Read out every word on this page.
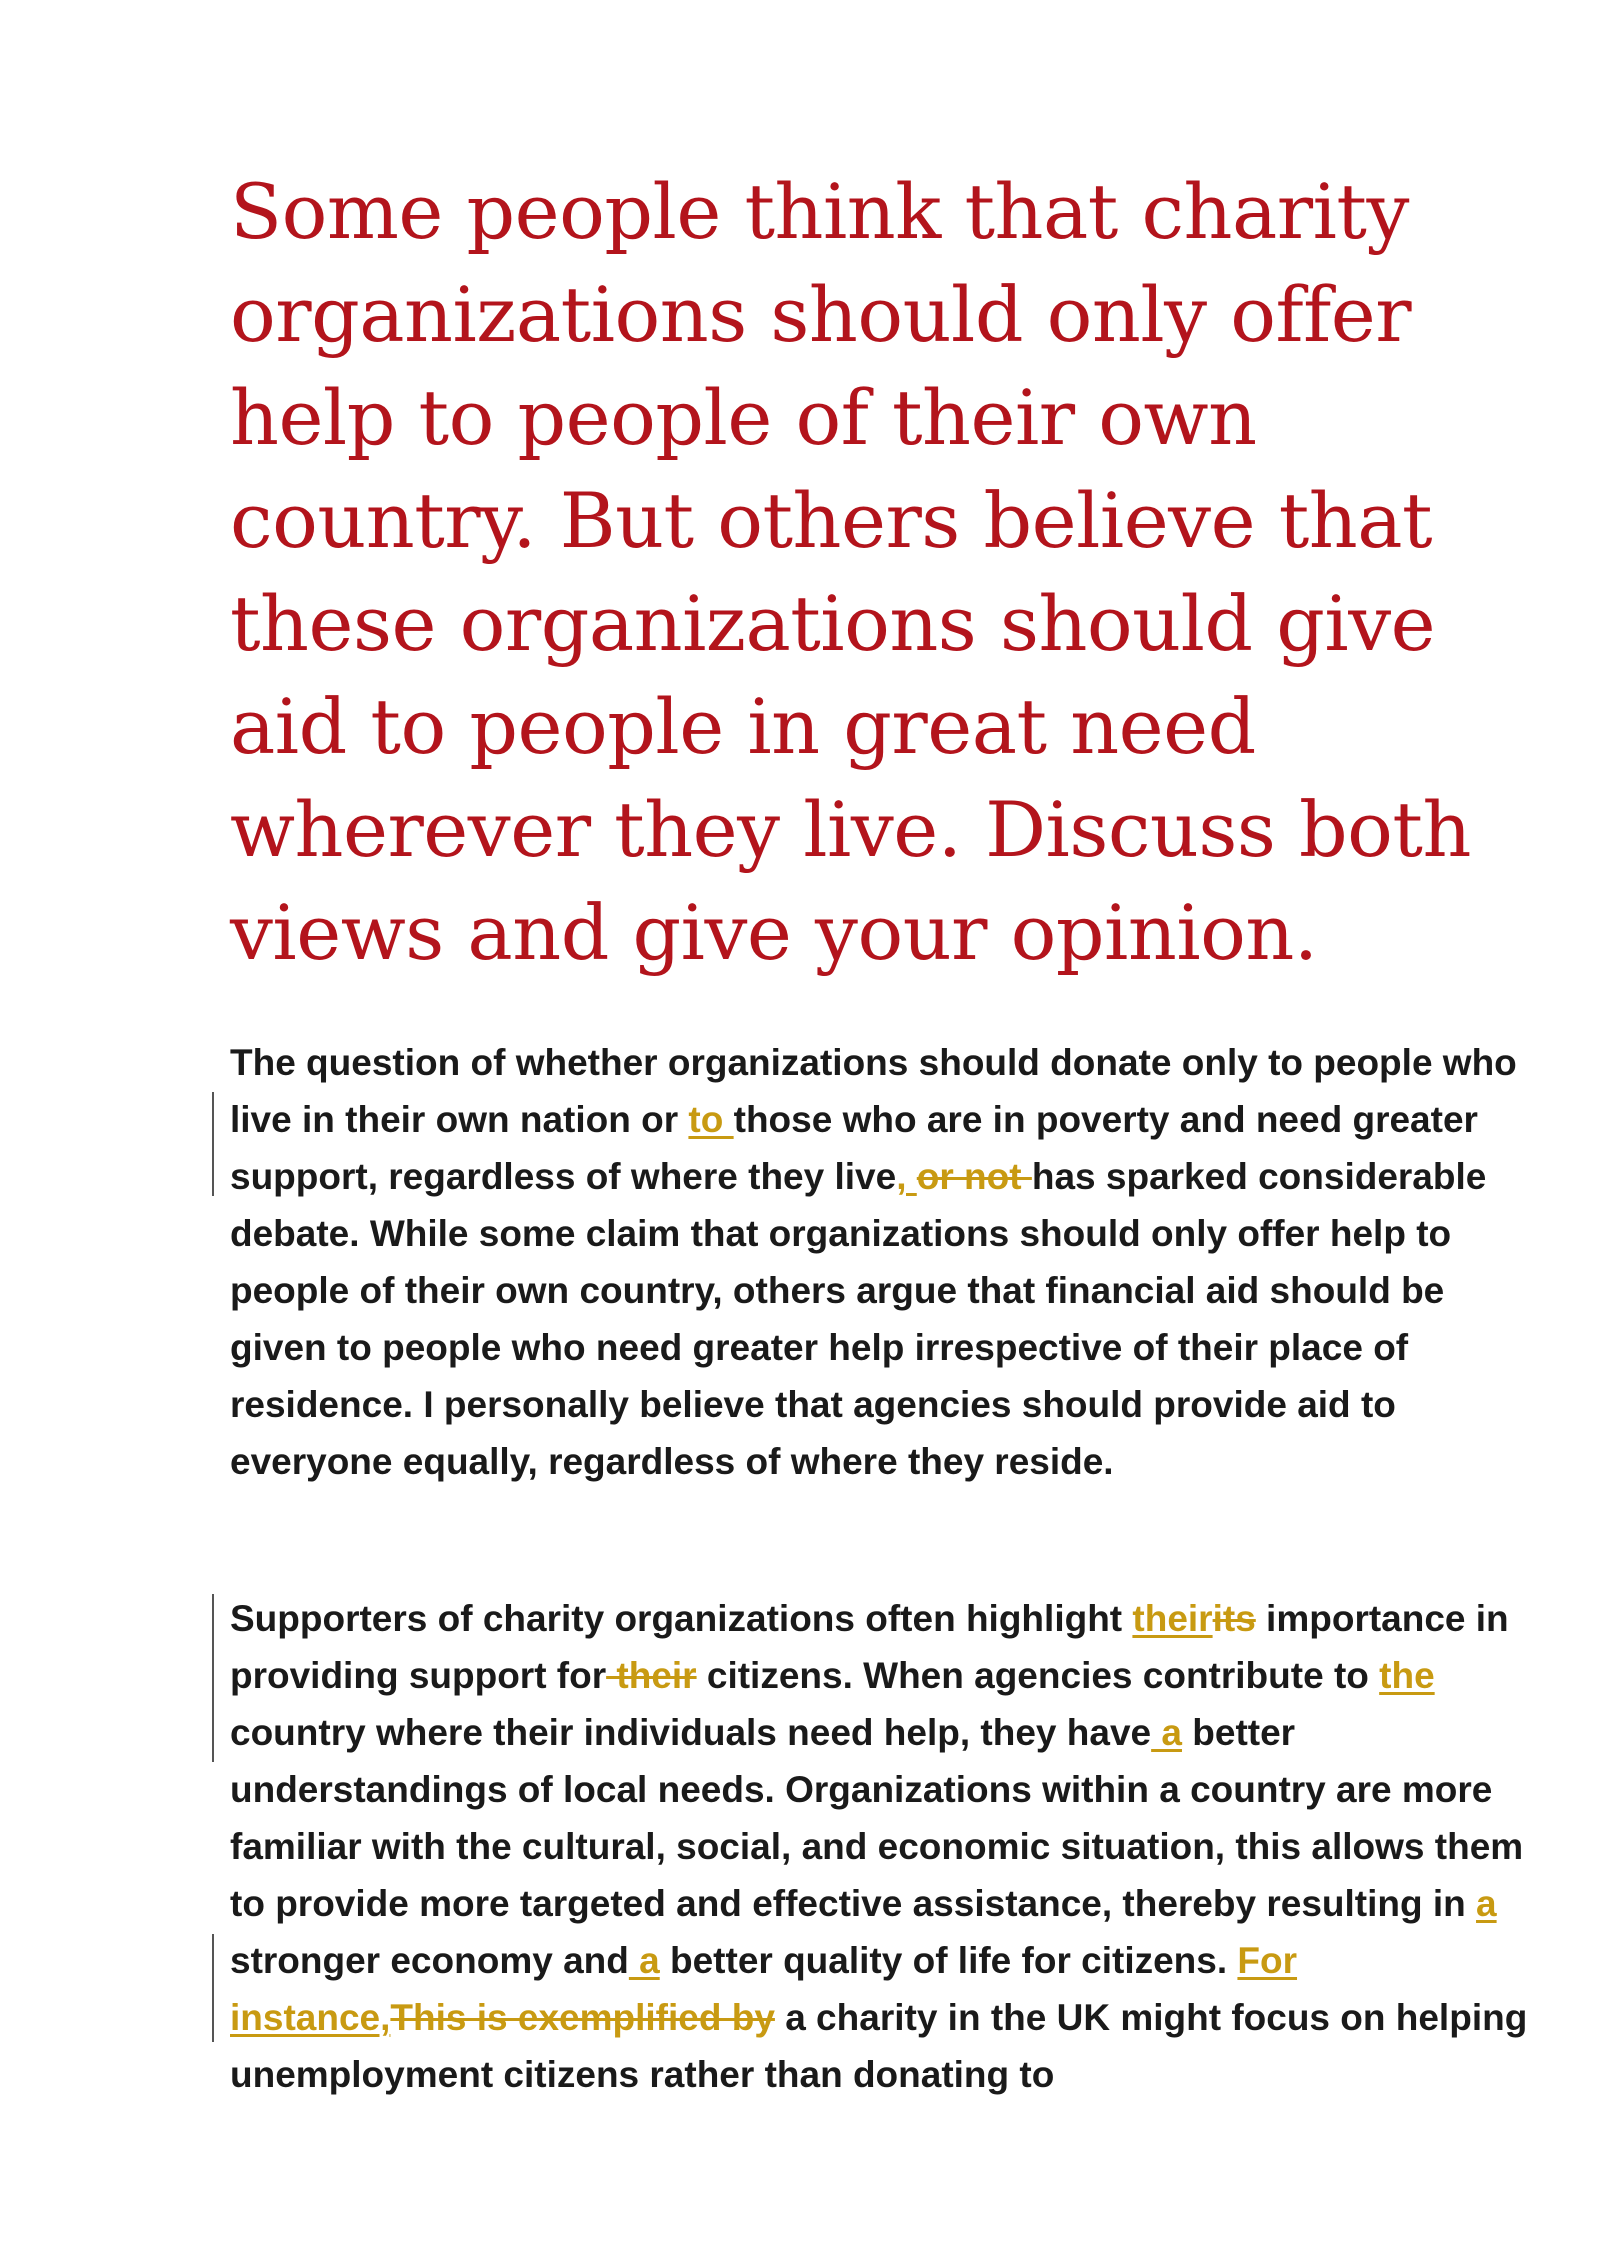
Some people think that charity organizations should only offer help to people of their own country. But others believe that these organizations should give aid to people in great need wherever they live. Discuss both views and give your opinion.

The question of whether organizations should donate only to people who live in their own nation or to those who are in poverty and need greater support, regardless of where they live, or not has sparked considerable debate. While some claim that organizations should only offer help to people of their own country, others argue that financial aid should be given to people who need greater help irrespective of their place of residence. I personally believe that agencies should provide aid to everyone equally, regardless of where they reside.

Supporters of charity organizations often highlight theirits importance in providing support for their citizens. When agencies contribute to the country where their individuals need help, they have a better understandings of local needs. Organizations within a country are more familiar with the cultural, social, and economic situation, this allows them to provide more targeted and effective assistance, thereby resulting in a stronger economy and a better quality of life for citizens. For instance,This is exemplified by a charity in the UK might focus on helping unemployment citizens rather than donating to
